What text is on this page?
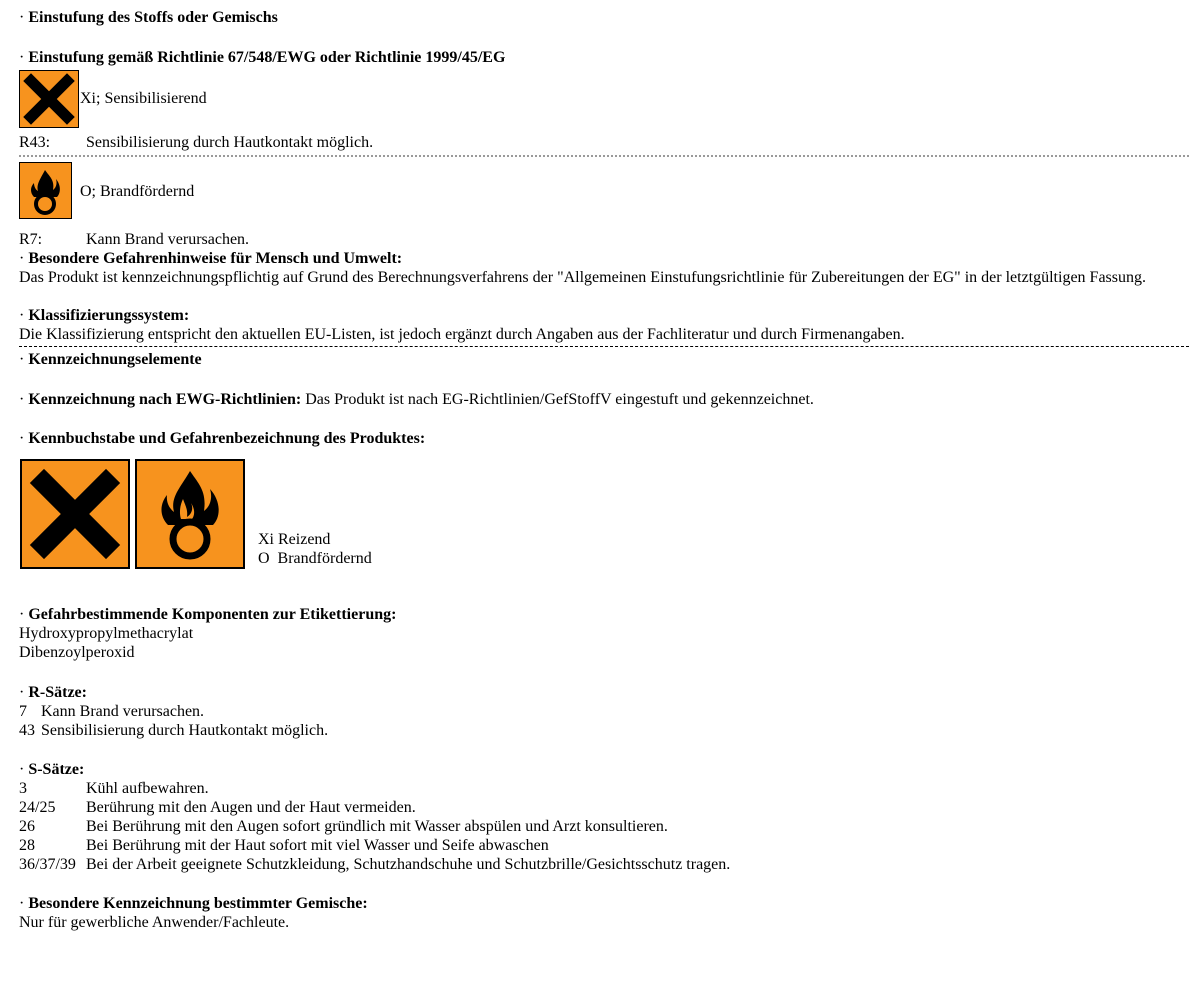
· Einstufung des Stoffs oder Gemischs
· Einstufung gemäß Richtlinie 67/548/EWG oder Richtlinie 1999/45/EG
Xi; Sensibilisierend
R43: Sensibilisierung durch Hautkontakt möglich.
O; Brandfördernd
R7:	Kann Brand verursachen.
· Besondere Gefahrenhinweise für Mensch und Umwelt:
Das Produkt ist kennzeichnungspflichtig auf Grund des Berechnungsverfahrens der "Allgemeinen Einstufungsrichtlinie für Zubereitungen der EG" in der letztgültigen Fassung.
· Klassifizierungssystem:
Die Klassifizierung entspricht den aktuellen EU-Listen, ist jedoch ergänzt durch Angaben aus der Fachliteratur und durch Firmenangaben.
· Kennzeichnungselemente
· Kennzeichnung nach EWG-Richtlinien: Das Produkt ist nach EG-Richtlinien/GefStoffV eingestuft und gekennzeichnet.
· Kennbuchstabe und Gefahrenbezeichnung des Produktes:
Xi Reizend
O  Brandfördernd
· Gefahrbestimmende Komponenten zur Etikettierung:
Hydroxypropylmethacrylat
Dibenzoylperoxid
· R-Sätze:
7 Kann Brand verursachen.
43 Sensibilisierung durch Hautkontakt möglich.
· S-Sätze:
3	Kühl aufbewahren.
24/25 Berührung mit den Augen und der Haut vermeiden.
26	Bei Berührung mit den Augen sofort gründlich mit Wasser abspülen und Arzt konsultieren.
28	Bei Berührung mit der Haut sofort mit viel Wasser und Seife abwaschen
36/37/39 Bei der Arbeit geeignete Schutzkleidung, Schutzhandschuhe und Schutzbrille/Gesichtsschutz tragen.
· Besondere Kennzeichnung bestimmter Gemische:
Nur für gewerbliche Anwender/Fachleute.
